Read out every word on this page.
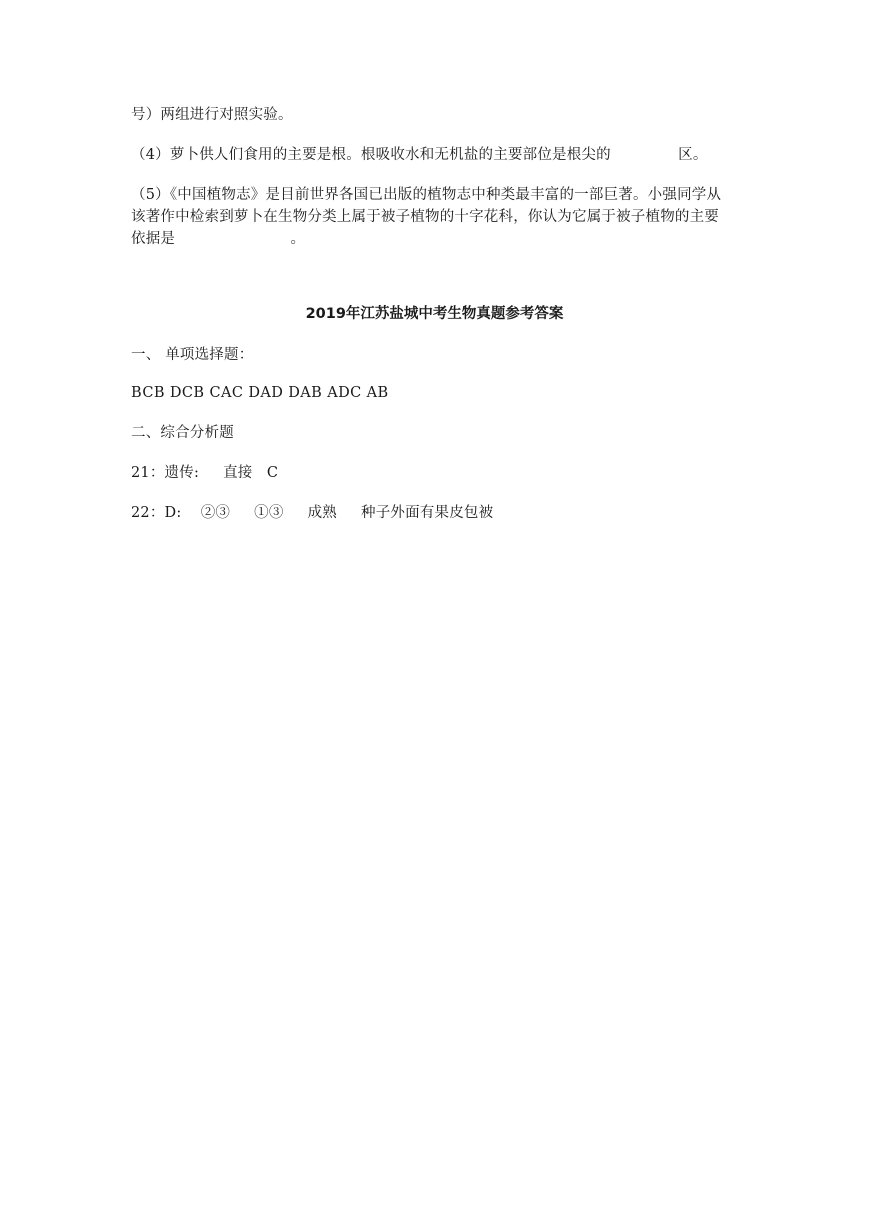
号）两组进行对照实验。
（4）萝卜供人们食用的主要是根。根吸收水和无机盐的主要部位是根尖的              区。
（5）《中国植物志》是目前世界各国已出版的植物志中种类最丰富的一部巨著。小强同学从
该著作中检索到萝卜在生物分类上属于被子植物的十字花科，你认为它属于被子植物的主要
依据是                        。
2019年江苏盐城中考生物真题参考答案
一、 单项选择题：
BCB DCB CAC DAD DAB ADC AB
二、综合分析题
21：遗传:     直接   C
22：D:    ②③     ①③     成熟     种子外面有果皮包被
